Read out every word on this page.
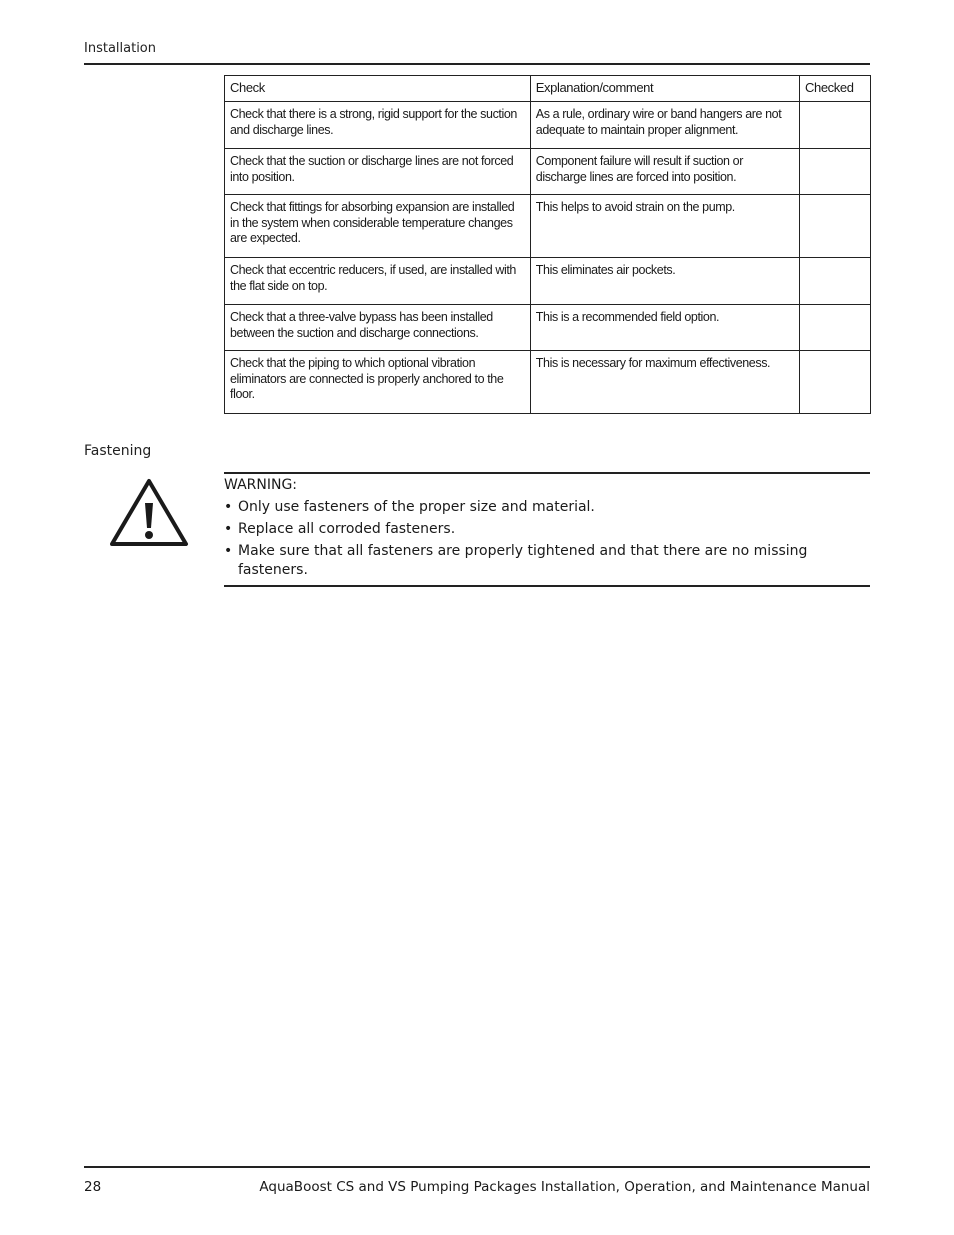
Installation
Check	Explanation/comment	Checked
Check that there is a strong, rigid support for the suction and discharge lines.	As a rule, ordinary wire or band hangers are not adequate to maintain proper alignment.	
Check that the suction or discharge lines are not forced into position.	Component failure will result if suction or discharge lines are forced into position.	
Check that fittings for absorbing expansion are installed in the system when considerable temperature changes are expected.	This helps to avoid strain on the pump.	
Check that eccentric reducers, if used, are installed with the flat side on top.	This eliminates air pockets.	
Check that a three-valve bypass has been installed between the suction and discharge connections.	This is a recommended field option.	
Check that the piping to which optional vibration eliminators are connected is properly anchored to the floor.	This is necessary for maximum effectiveness.	
Fastening
WARNING:
• Only use fasteners of the proper size and material.
• Replace all corroded fasteners.
• Make sure that all fasteners are properly tightened and that there are no missing fasteners.
28	AquaBoost CS and VS Pumping Packages Installation, Operation, and Maintenance Manual
